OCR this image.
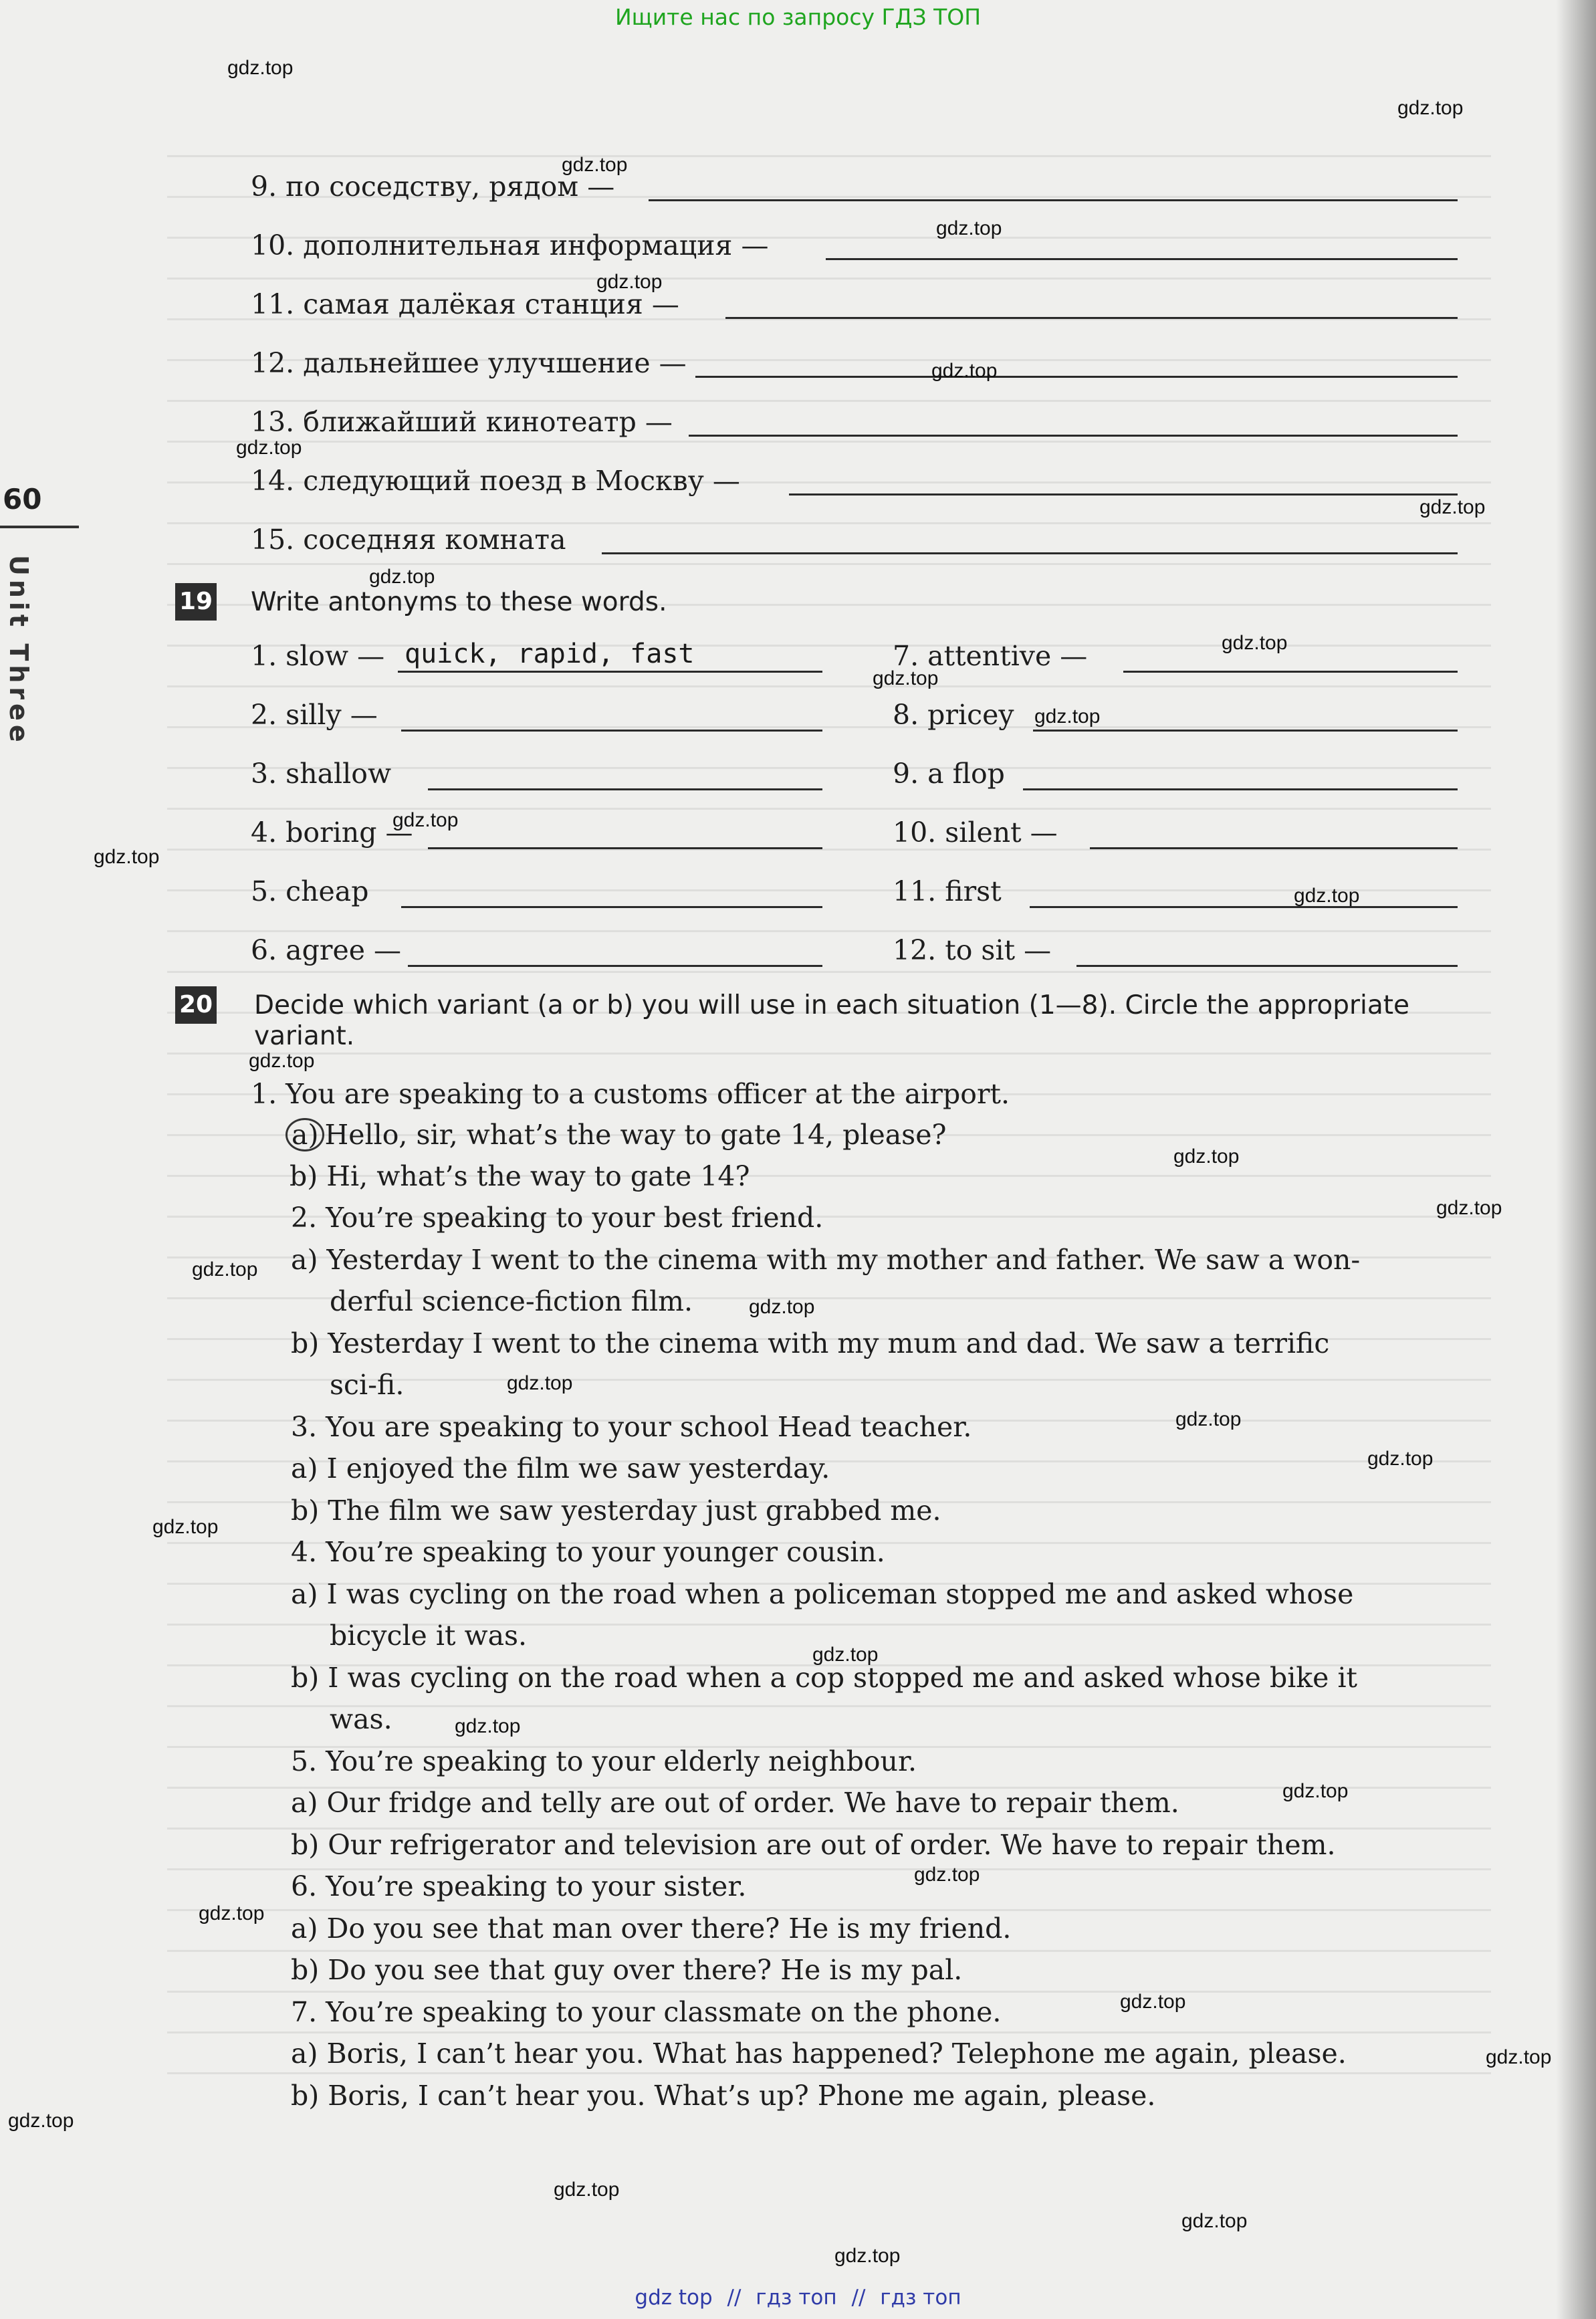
Ищите нас по запросу ГДЗ ТОП
60
Unit Three
9. по соседству, рядом —
10. дополнительная информация —
11. самая далёкая станция —
12. дальнейшее улучшение —
13. ближайший кинотеатр —
14. следующий поезд в Москву —
15. соседняя комната
19 Write antonyms to these words.
1. slow — quick, rapid, fast
2. silly —
3. shallow
4. boring —
5. cheap
6. agree —
7. attentive —
8. pricey
9. a flop
10. silent —
11. first
12. to sit —
20 Decide which variant (a or b) you will use in each situation (1—8). Circle the appropriate
variant.
1. You are speaking to a customs officer at the airport.
a) Hello, sir, what’s the way to gate 14, please?
b) Hi, what’s the way to gate 14?
2. You’re speaking to your best friend.
a) Yesterday I went to the cinema with my mother and father. We saw a won-
derful science-fiction film.
b) Yesterday I went to the cinema with my mum and dad. We saw a terrific
sci-fi.
3. You are speaking to your school Head teacher.
a) I enjoyed the film we saw yesterday.
b) The film we saw yesterday just grabbed me.
4. You’re speaking to your younger cousin.
a) I was cycling on the road when a policeman stopped me and asked whose
bicycle it was.
b) I was cycling on the road when a cop stopped me and asked whose bike it
was.
5. You’re speaking to your elderly neighbour.
a) Our fridge and telly are out of order. We have to repair them.
b) Our refrigerator and television are out of order. We have to repair them.
6. You’re speaking to your sister.
a) Do you see that man over there? He is my friend.
b) Do you see that guy over there? He is my pal.
7. You’re speaking to your classmate on the phone.
a) Boris, I can’t hear you. What has happened? Telephone me again, please.
b) Boris, I can’t hear you. What’s up? Phone me again, please.
gdz.top
gdz.top
gdz.top
gdz.top
gdz.top
gdz.top
gdz.top
gdz.top
gdz.top
gdz.top
gdz.top
gdz.top
gdz.top
gdz.top
gdz.top
gdz.top
gdz.top
gdz.top
gdz.top
gdz.top
gdz.top
gdz.top
gdz.top
gdz.top
gdz.top
gdz.top
gdz.top
gdz.top
gdz.top
gdz.top
gdz.top
gdz.top
gdz.top
gdz.top
gdz.top
gdz top // гдз топ // гдз топ
